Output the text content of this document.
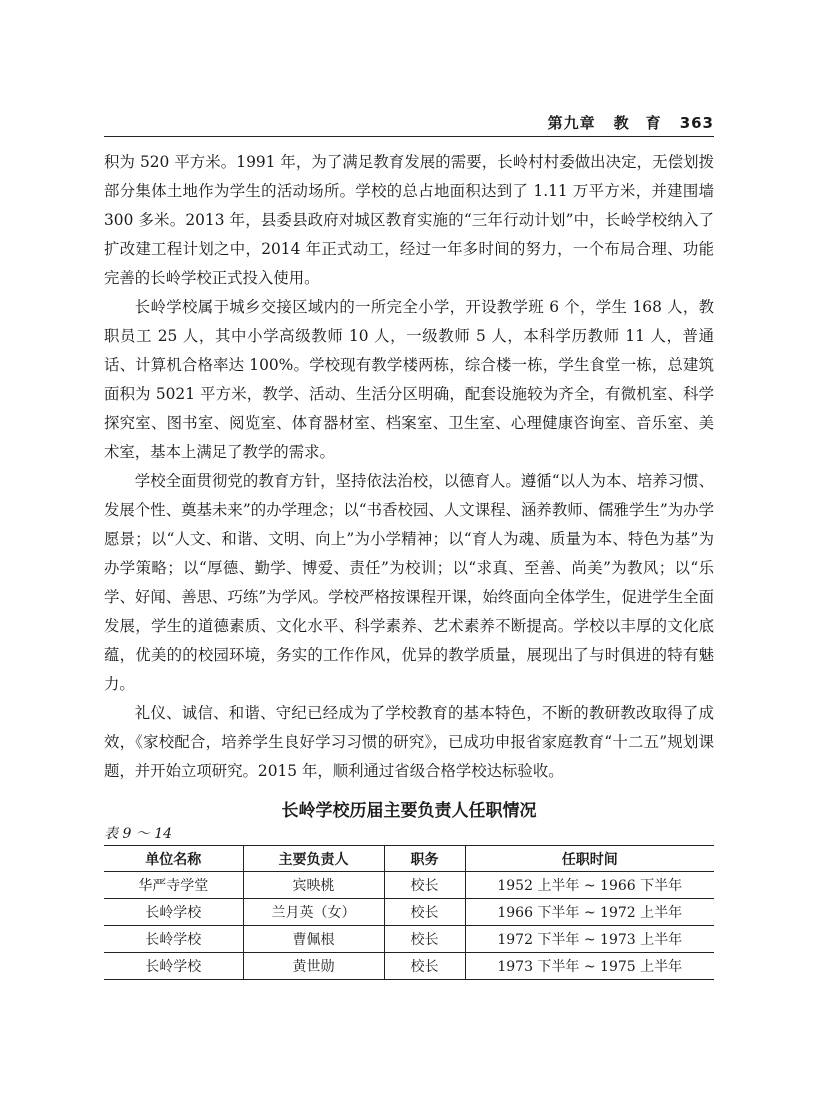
第九章 教　育 363

积为 520 平方米。1991 年，为了满足教育发展的需要，长岭村村委做出决定，无偿划拨部分集体土地作为学生的活动场所。学校的总占地面积达到了 1.11 万平方米，并建围墙 300 多米。2013 年，县委县政府对城区教育实施的“三年行动计划”中，长岭学校纳入了扩改建工程计划之中，2014 年正式动工，经过一年多时间的努力，一个布局合理、功能完善的长岭学校正式投入使用。

长岭学校属于城乡交接区域内的一所完全小学，开设教学班 6 个，学生 168 人，教职员工 25 人，其中小学高级教师 10 人，一级教师 5 人，本科学历教师 11 人，普通话、计算机合格率达 100%。学校现有教学楼两栋，综合楼一栋，学生食堂一栋，总建筑面积为 5021 平方米，教学、活动、生活分区明确，配套设施较为齐全，有微机室、科学探究室、图书室、阅览室、体育器材室、档案室、卫生室、心理健康咨询室、音乐室、美术室，基本上满足了教学的需求。

学校全面贯彻党的教育方针，坚持依法治校，以德育人。遵循“以人为本、培养习惯、发展个性、奠基未来”的办学理念；以“书香校园、人文课程、涵养教师、儒雅学生”为办学愿景；以“人文、和谐、文明、向上”为小学精神；以“育人为魂、质量为本、特色为基”为办学策略；以“厚德、勤学、博爱、责任”为校训；以“求真、至善、尚美”为教风；以“乐学、好闻、善思、巧练”为学风。学校严格按课程开课，始终面向全体学生，促进学生全面发展，学生的道德素质、文化水平、科学素养、艺术素养不断提高。学校以丰厚的文化底蕴，优美的的校园环境，务实的工作作风，优异的教学质量，展现出了与时俱进的特有魅力。

礼仪、诚信、和谐、守纪已经成为了学校教育的基本特色，不断的教研教改取得了成效，《家校配合，培养学生良好学习习惯的研究》，已成功申报省家庭教育“十二五”规划课题，并开始立项研究。2015 年，顺利通过省级合格学校达标验收。

长岭学校历届主要负责人任职情况
表 9 ～ 14
单位名称	主要负责人	职务	任职时间
华严寺学堂	宾映桃	校长	1952 上半年 ~ 1966 下半年
长岭学校	兰月英（女）	校长	1966 下半年 ~ 1972 上半年
长岭学校	曹佩根	校长	1972 下半年 ~ 1973 上半年
长岭学校	黄世勋	校长	1973 下半年 ~ 1975 上半年
